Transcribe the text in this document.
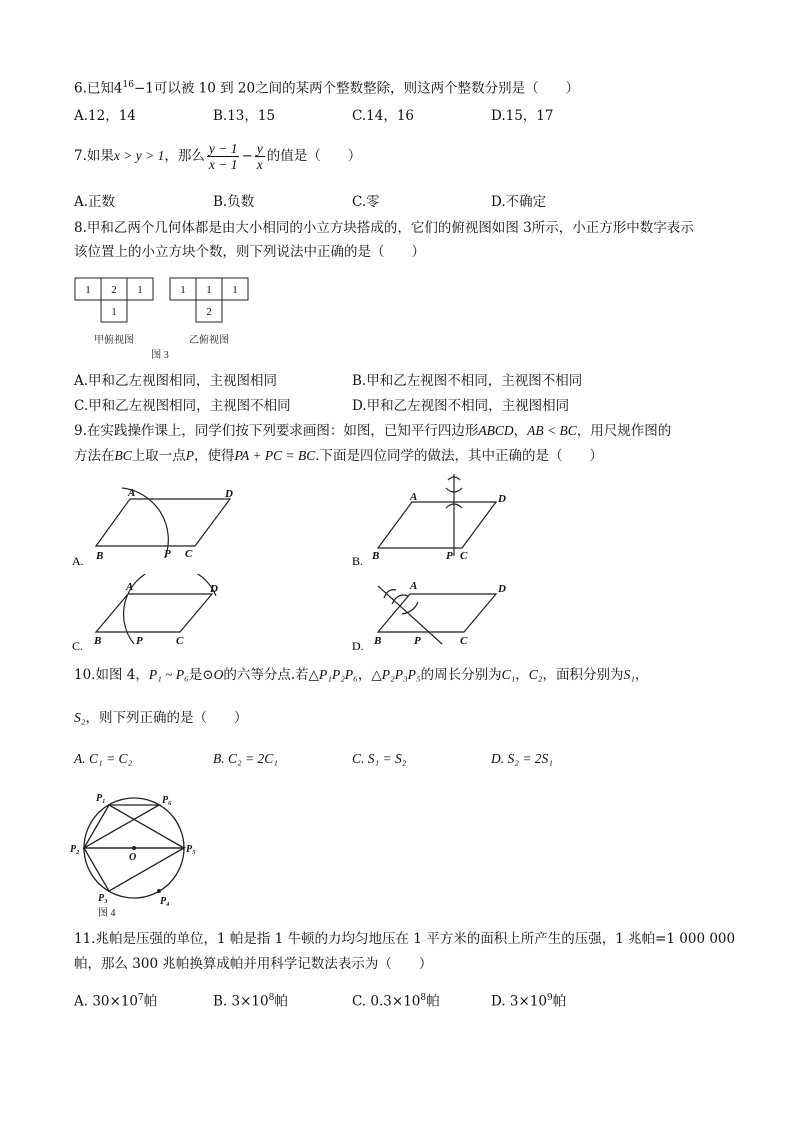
6.已知$4^{16}-1$可以被 10 到 20之间的某两个整数整除，则这两个整数分别是（　　）
A.12，14	B.13，15	C.14，16	D.15，17
7.如果x > y > 1，那么 $\frac{y - 1}{x - 1} - \frac{y}{x}$ 的值是（　　）
A.正数	B.负数	C.零	D.不确定
8.甲和乙两个几何体都是由大小相同的小立方块搭成的，它们的俯视图如图 3所示，小正方形中数字表示
该位置上的小立方块个数，则下列说法中正确的是（　　）
1 2 1
1
1 1 1
2
甲俯视图	乙俯视图
图 3
A.甲和乙左视图相同，主视图相同	B.甲和乙左视图不相同，主视图不相同
C.甲和乙左视图相同，主视图不相同	D.甲和乙左视图不相同，主视图相同
9.在实践操作课上，同学们按下列要求画图：如图，已知平行四边形ABCD，AB < BC，用尺规作图的
方法在BC上取一点P，使得PA + PC = BC.下面是四位同学的做法，其中正确的是（　　）
A	D
B	P C
A.
A	D
B	P C
B.
A	D
B	P	C
C.
A	D
B	P	C
D.
10.如图 4，P₁ ~ P₆是⊙O的六等分点.若△P₁P₂P₆，△P₂P₃P₅的周长分别为C₁，C₂，面积分别为S₁，
S₂，则下列正确的是（　　）
A. C₁ = C₂	B. C₂ = 2C₁	C. S₁ = S₂	D. S₂ = 2S₁
P₁	P₆
P₂
O
P₅
P₃	P₄
图 4
11.兆帕是压强的单位，1 帕是指 1 牛顿的力均匀地压在 1 平方米的面积上所产生的压强，1 兆帕=1 000 000
帕，那么 300 兆帕换算成帕并用科学记数法表示为（　　）
A. $30\times 10^7$帕	B. $3\times 10^8$帕	C. $0.3\times 10^8$帕	D. $3\times 10^9$帕
